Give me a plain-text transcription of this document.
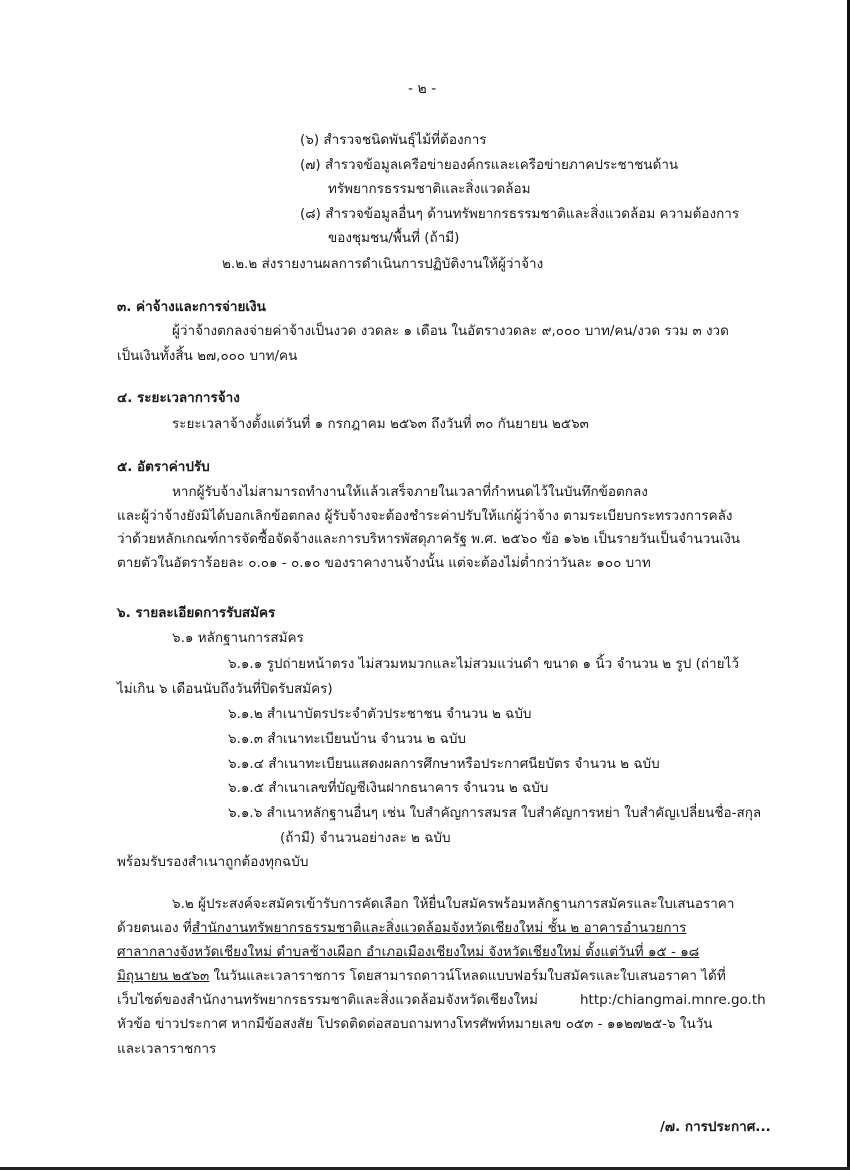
- ๒ -
(๖) สำรวจชนิดพันธุ์ไม้ที่ต้องการ
(๗) สำรวจข้อมูลเครือข่ายองค์กรและเครือข่ายภาคประชาชนด้าน
ทรัพยากรธรรมชาติและสิ่งแวดล้อม
(๘) สำรวจข้อมูลอื่นๆ ด้านทรัพยากรธรรมชาติและสิ่งแวดล้อม ความต้องการ
ของชุมชน/พื้นที่ (ถ้ามี)
๒.๒.๒ ส่งรายงานผลการดำเนินการปฏิบัติงานให้ผู้ว่าจ้าง
๓. ค่าจ้างและการจ่ายเงิน
ผู้ว่าจ้างตกลงจ่ายค่าจ้างเป็นงวด งวดละ ๑ เดือน ในอัตรางวดละ ๙,๐๐๐ บาท/คน/งวด รวม ๓ งวด
เป็นเงินทั้งสิ้น ๒๗,๐๐๐ บาท/คน
๔. ระยะเวลาการจ้าง
ระยะเวลาจ้างตั้งแต่วันที่ ๑ กรกฎาคม ๒๕๖๓ ถึงวันที่ ๓๐ กันยายน ๒๕๖๓
๕. อัตราค่าปรับ
หากผู้รับจ้างไม่สามารถทำงานให้แล้วเสร็จภายในเวลาที่กำหนดไว้ในบันทึกข้อตกลง
และผู้ว่าจ้างยังมิได้บอกเลิกข้อตกลง ผู้รับจ้างจะต้องชำระค่าปรับให้แก่ผู้ว่าจ้าง ตามระเบียบกระทรวงการคลัง
ว่าด้วยหลักเกณฑ์การจัดซื้อจัดจ้างและการบริหารพัสดุภาครัฐ พ.ศ. ๒๕๖๐ ข้อ ๑๖๒ เป็นรายวันเป็นจำนวนเงิน
ตายตัวในอัตราร้อยละ ๐.๐๑ - ๐.๑๐ ของราคางานจ้างนั้น แต่จะต้องไม่ต่ำกว่าวันละ ๑๐๐ บาท
๖. รายละเอียดการรับสมัคร
๖.๑ หลักฐานการสมัคร
๖.๑.๑ รูปถ่ายหน้าตรง ไม่สวมหมวกและไม่สวมแว่นดำ ขนาด ๑ นิ้ว จำนวน ๒ รูป (ถ่ายไว้
ไม่เกิน ๖ เดือนนับถึงวันที่ปิดรับสมัคร)
๖.๑.๒ สำเนาบัตรประจำตัวประชาชน จำนวน ๒ ฉบับ
๖.๑.๓ สำเนาทะเบียนบ้าน จำนวน ๒ ฉบับ
๖.๑.๔ สำเนาทะเบียนแสดงผลการศึกษาหรือประกาศนียบัตร จำนวน ๒ ฉบับ
๖.๑.๕ สำเนาเลขที่บัญชีเงินฝากธนาคาร จำนวน ๒ ฉบับ
๖.๑.๖ สำเนาหลักฐานอื่นๆ เช่น ใบสำคัญการสมรส ใบสำคัญการหย่า ใบสำคัญเปลี่ยนชื่อ-สกุล
(ถ้ามี) จำนวนอย่างละ ๒ ฉบับ
พร้อมรับรองสำเนาถูกต้องทุกฉบับ
๖.๒ ผู้ประสงค์จะสมัครเข้ารับการคัดเลือก ให้ยื่นใบสมัครพร้อมหลักฐานการสมัครและใบเสนอราคา
ด้วยตนเอง ที่สำนักงานทรัพยากรธรรมชาติและสิ่งแวดล้อมจังหวัดเชียงใหม่ ชั้น ๒ อาคารอำนวยการ
ศาลากลางจังหวัดเชียงใหม่ ตำบลช้างเผือก อำเภอเมืองเชียงใหม่ จังหวัดเชียงใหม่ ตั้งแต่วันที่ ๑๕ - ๑๘
มิถุนายน ๒๕๖๓ ในวันและเวลาราชการ โดยสามารถดาวน์โหลดแบบฟอร์มใบสมัครและใบเสนอราคา ได้ที่
เว็บไซต์ของสำนักงานทรัพยากรธรรมชาติและสิ่งแวดล้อมจังหวัดเชียงใหม่	http:/chiangmai.mnre.go.th
หัวข้อ ข่าวประกาศ หากมีข้อสงสัย โปรดติดต่อสอบถามทางโทรศัพท์หมายเลข ๐๕๓ - ๑๑๒๗๒๕-๖ ในวัน
และเวลาราชการ
/๗. การประกาศ...
